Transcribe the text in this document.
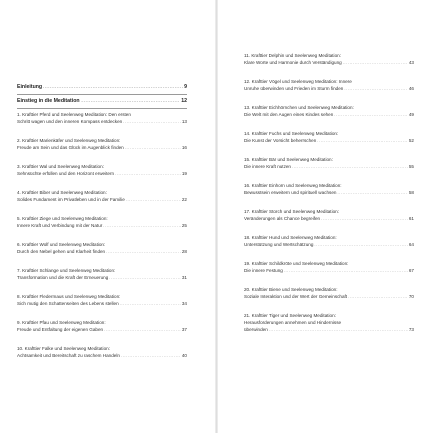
Einleitung .....	9
Einstieg in die Meditation .....	12
1. Krafttier Pferd und Seelenweg Meditation: Den ersten
Schritt wagen und den inneren Kompass entdecken .....	13
2. Krafttier Marienkäfer und Seelenweg Meditation:
Freude am Sein und das Glück im Augenblick finden .....	16
3. Krafttier Wal und Seelenweg Meditation:
Sehnsüchte erfüllen und den Horizont erweitern .....	19
4. Krafttier Biber und Seelenweg Meditation:
Solides Fundament im Privatleben und in der Familie .....	22
5. Krafttier Ziege und Seelenweg Meditation:
Innere Kraft und Verbindung mit der Natur .....	25
6. Krafttier Wolf und Seelenweg Meditation:
Durch den Nebel gehen und Klarheit finden .....	28
7. Krafttier Schlange und Seelenweg Meditation:
Transformation und die Kraft der Erneuerung .....	31
8. Krafttier Fledermaus und Seelenweg Meditation:
Sich mutig den Schattenseiten des Lebens stellen .....	34
9. Krafttier Pfau und Seelenweg Meditation:
Freude und Entfaltung der eigenen Gaben .....	37
10. Krafttier Falke und Seelenweg Meditation:
Achtsamkeit und Bereitschaft zu raschem Handeln .....	40
11. Krafttier Delphin und Seelenweg Meditation:
Klare Worte und Harmonie durch Verständigung .....	43
12. Krafttier Vögel und Seelenweg Meditation: Innere
Unruhe überwinden und Frieden im Sturm finden .....	46
13. Krafttier Eichhörnchen und Seelenweg Meditation:
Die Welt mit den Augen eines Kindes sehen .....	49
14. Krafttier Fuchs und Seelenweg Meditation:
Die Kunst der Vorsicht beherrschen .....	52
15. Krafttier Bär und Seelenweg Meditation:
Die innere Kraft nutzen .....	55
16. Krafttier Einhorn und Seelenweg Meditation:
Bewusstsein erweitern und spirituell wachsen .....	58
17. Krafttier Storch und Seelenweg Meditation:
Veränderungen als Chance begreifen .....	61
18. Krafttier Hund und Seelenweg Meditation:
Unterstützung und Wertschätzung .....	64
19. Krafttier Schildkröte und Seelenweg Meditation:
Die innere Festung .....	67
20. Krafttier Biene und Seelenweg Meditation:
Soziale Interaktion und der Wert der Gemeinschaft .....	70
21. Krafttier Tiger und Seelenweg Meditation:
Herausforderungen annehmen und Hindernisse
überwinden .....	73
